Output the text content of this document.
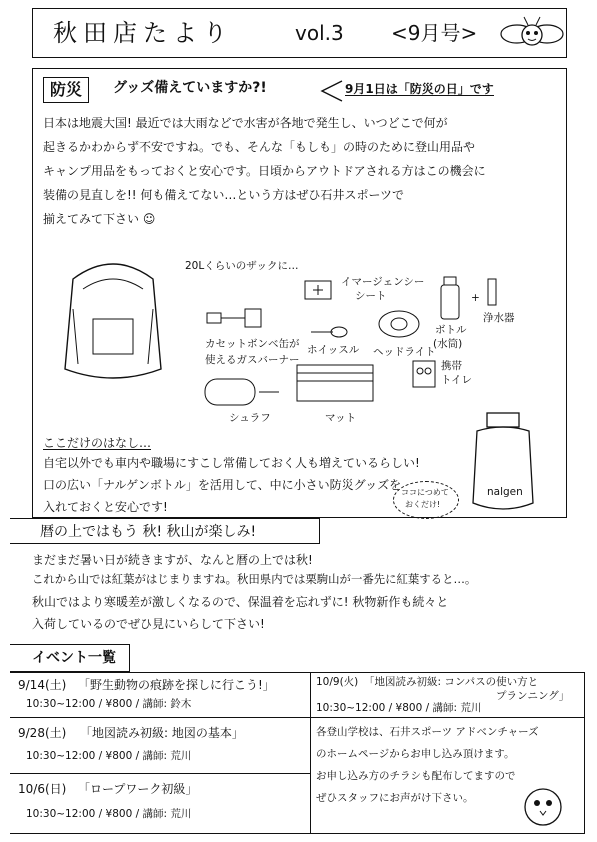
秋田店たより	vol.3 <9月号>
防災	グッズ備えていますか?!	9月1日は「防災の日」です
日本は地震大国! 最近では大雨などで水害が各地で発生し、いつどこで何が
起きるかわからず不安ですね。でも、そんな「もしも」の時のために登山用品や
キャンプ用品をもっておくと安心です。日頃からアウトドアされる方はこの機会に
装備の見直しを!! 何も備えてない…という方はぜひ石井スポーツで
揃えてみて下さい ☺
20Lくらいのザックに…
イマージェンシー
シート
カセットボンベ缶が
使えるガスバーナー
ホイッスル ヘッドライト
+
ボトル
(水筒)
浄水器
携帯
トイレ
シュラフ	マット
ここだけのはなし…
自宅以外でも車内や職場にすこし常備しておく人も増えているらしい!
口の広い「ナルゲンボトル」を活用して、中に小さい防災グッズを
入れておくと安心です!
ココにつめて
おくだけ!
nalgen
暦の上ではもう 秋! 秋山が楽しみ!
まだまだ暑い日が続きますが、なんと暦の上では秋!
これから山では紅葉がはじまりますね。秋田県内では栗駒山が一番先に紅葉すると…。
秋山ではより寒暖差が激しくなるので、保温着を忘れずに! 秋物新作も続々と
入荷しているのでぜひ見にいらして下さい!
イベント一覧
9/14(土) 「野生動物の痕跡を探しに行こう!」
10:30~12:00 / ¥800 / 講師: 鈴木
9/28(土) 「地図読み初級: 地図の基本」
10:30~12:00 / ¥800 / 講師: 荒川
10/6(日) 「ロープワーク初級」
10:30~12:00 / ¥800 / 講師: 荒川
10/9(火) 「地図読み初級: コンパスの使い方と
プランニング」
10:30~12:00 / ¥800 / 講師: 荒川
各登山学校は、石井スポーツ アドベンチャーズ
のホームページからお申し込み頂けます。
お申し込み方のチラシも配布してますので
ぜひスタッフにお声がけ下さい。
